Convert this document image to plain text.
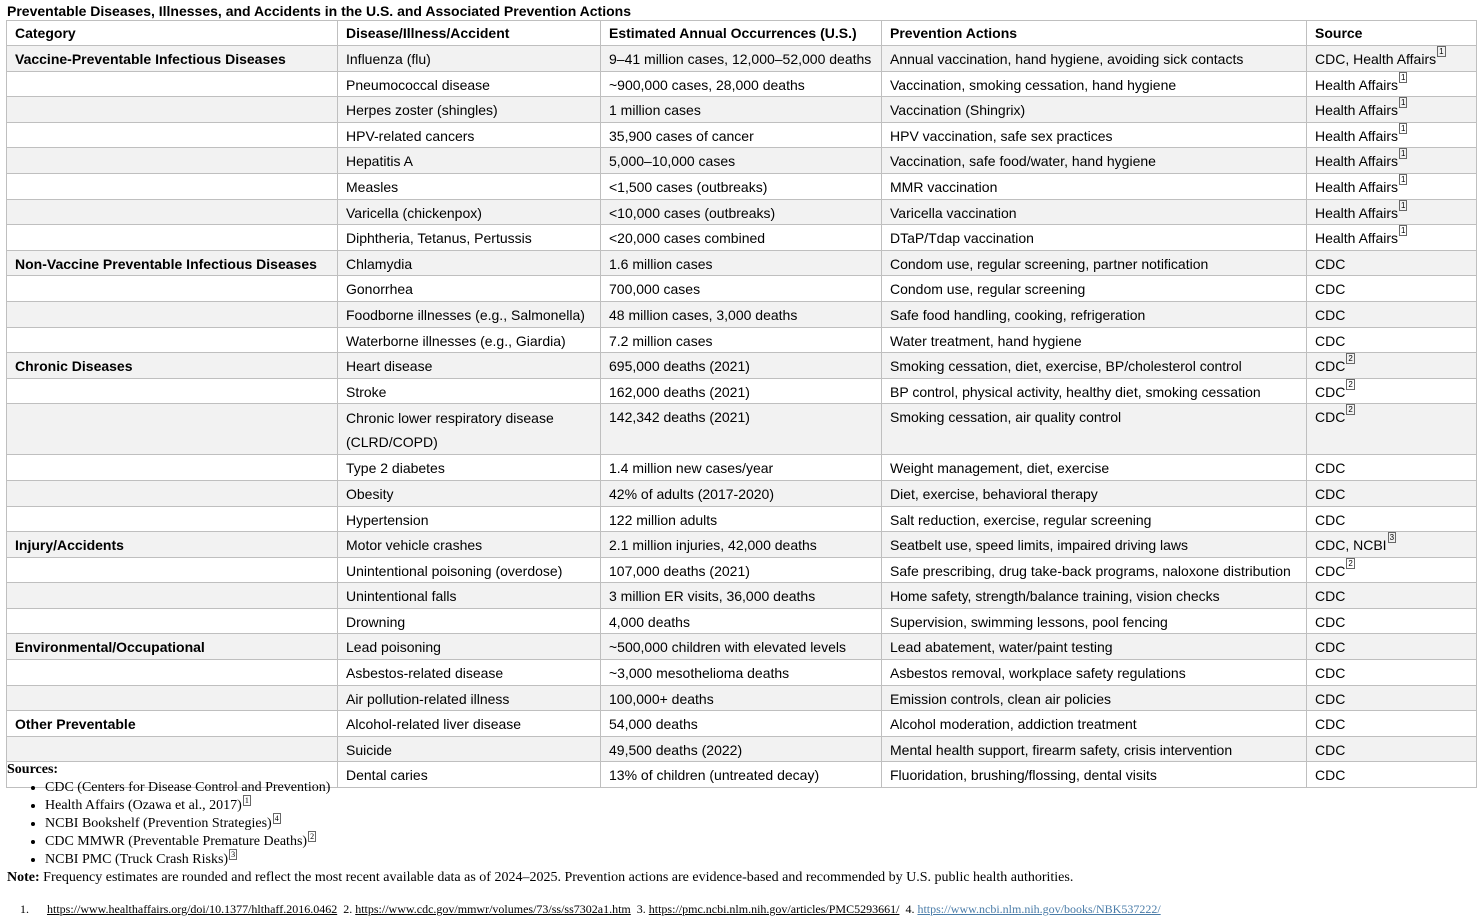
Preventable Diseases, Illnesses, and Accidents in the U.S. and Associated Prevention Actions
Category	Disease/Illness/Accident	Estimated Annual Occurrences (U.S.)	Prevention Actions	Source
Vaccine-Preventable Infectious Diseases	Influenza (flu)	9–41 million cases, 12,000–52,000 deaths	Annual vaccination, hand hygiene, avoiding sick contacts	CDC, Health Affairs $^1$
	Pneumococcal disease	~900,000 cases, 28,000 deaths	Vaccination, smoking cessation, hand hygiene	Health Affairs $^1$
	Herpes zoster (shingles)	1 million cases	Vaccination (Shingrix)	Health Affairs $^1$
	HPV-related cancers	35,900 cases of cancer	HPV vaccination, safe sex practices	Health Affairs $^1$
	Hepatitis A	5,000–10,000 cases	Vaccination, safe food/water, hand hygiene	Health Affairs $^1$
	Measles	<1,500 cases (outbreaks)	MMR vaccination	Health Affairs $^1$
	Varicella (chickenpox)	<10,000 cases (outbreaks)	Varicella vaccination	Health Affairs $^1$
	Diphtheria, Tetanus, Pertussis	<20,000 cases combined	DTaP/Tdap vaccination	Health Affairs $^1$
Non-Vaccine Preventable Infectious Diseases	Chlamydia	1.6 million cases	Condom use, regular screening, partner notification	CDC
	Gonorrhea	700,000 cases	Condom use, regular screening	CDC
	Foodborne illnesses (e.g., Salmonella)	48 million cases, 3,000 deaths	Safe food handling, cooking, refrigeration	CDC
	Waterborne illnesses (e.g., Giardia)	7.2 million cases	Water treatment, hand hygiene	CDC
Chronic Diseases	Heart disease	695,000 deaths (2021)	Smoking cessation, diet, exercise, BP/cholesterol control	CDC $^2$
	Stroke	162,000 deaths (2021)	BP control, physical activity, healthy diet, smoking cessation	CDC $^2$
	Chronic lower respiratory disease (CLRD/COPD)	142,342 deaths (2021)	Smoking cessation, air quality control	CDC $^2$
	Type 2 diabetes	1.4 million new cases/year	Weight management, diet, exercise	CDC
	Obesity	42% of adults (2017-2020)	Diet, exercise, behavioral therapy	CDC
	Hypertension	122 million adults	Salt reduction, exercise, regular screening	CDC
Injury/Accidents	Motor vehicle crashes	2.1 million injuries, 42,000 deaths	Seatbelt use, speed limits, impaired driving laws	CDC, NCBI $^3$
	Unintentional poisoning (overdose)	107,000 deaths (2021)	Safe prescribing, drug take-back programs, naloxone distribution	CDC $^2$
	Unintentional falls	3 million ER visits, 36,000 deaths	Home safety, strength/balance training, vision checks	CDC
	Drowning	4,000 deaths	Supervision, swimming lessons, pool fencing	CDC
Environmental/Occupational	Lead poisoning	~500,000 children with elevated levels	Lead abatement, water/paint testing	CDC
	Asbestos-related disease	~3,000 mesothelioma deaths	Asbestos removal, workplace safety regulations	CDC
	Air pollution-related illness	100,000+ deaths	Emission controls, clean air policies	CDC
Other Preventable	Alcohol-related liver disease	54,000 deaths	Alcohol moderation, addiction treatment	CDC
	Suicide	49,500 deaths (2022)	Mental health support, firearm safety, crisis intervention	CDC
	Dental caries	13% of children (untreated decay)	Fluoridation, brushing/flossing, dental visits	CDC
Sources:
• CDC (Centers for Disease Control and Prevention)
• Health Affairs (Ozawa et al., 2017) $^1$
• NCBI Bookshelf (Prevention Strategies) $^4$
• CDC MMWR (Preventable Premature Deaths) $^2$
• NCBI PMC (Truck Crash Risks) $^3$
Note: Frequency estimates are rounded and reflect the most recent available data as of 2024–2025. Prevention actions are evidence-based and recommended by U.S. public health authorities.
1. https://www.healthaffairs.org/doi/10.1377/hlthaff.2016.0462 2. https://www.cdc.gov/mmwr/volumes/73/ss/ss7302a1.htm 3. https://pmc.ncbi.nlm.nih.gov/articles/PMC5293661/ 4. https://www.ncbi.nlm.nih.gov/books/NBK537222/
